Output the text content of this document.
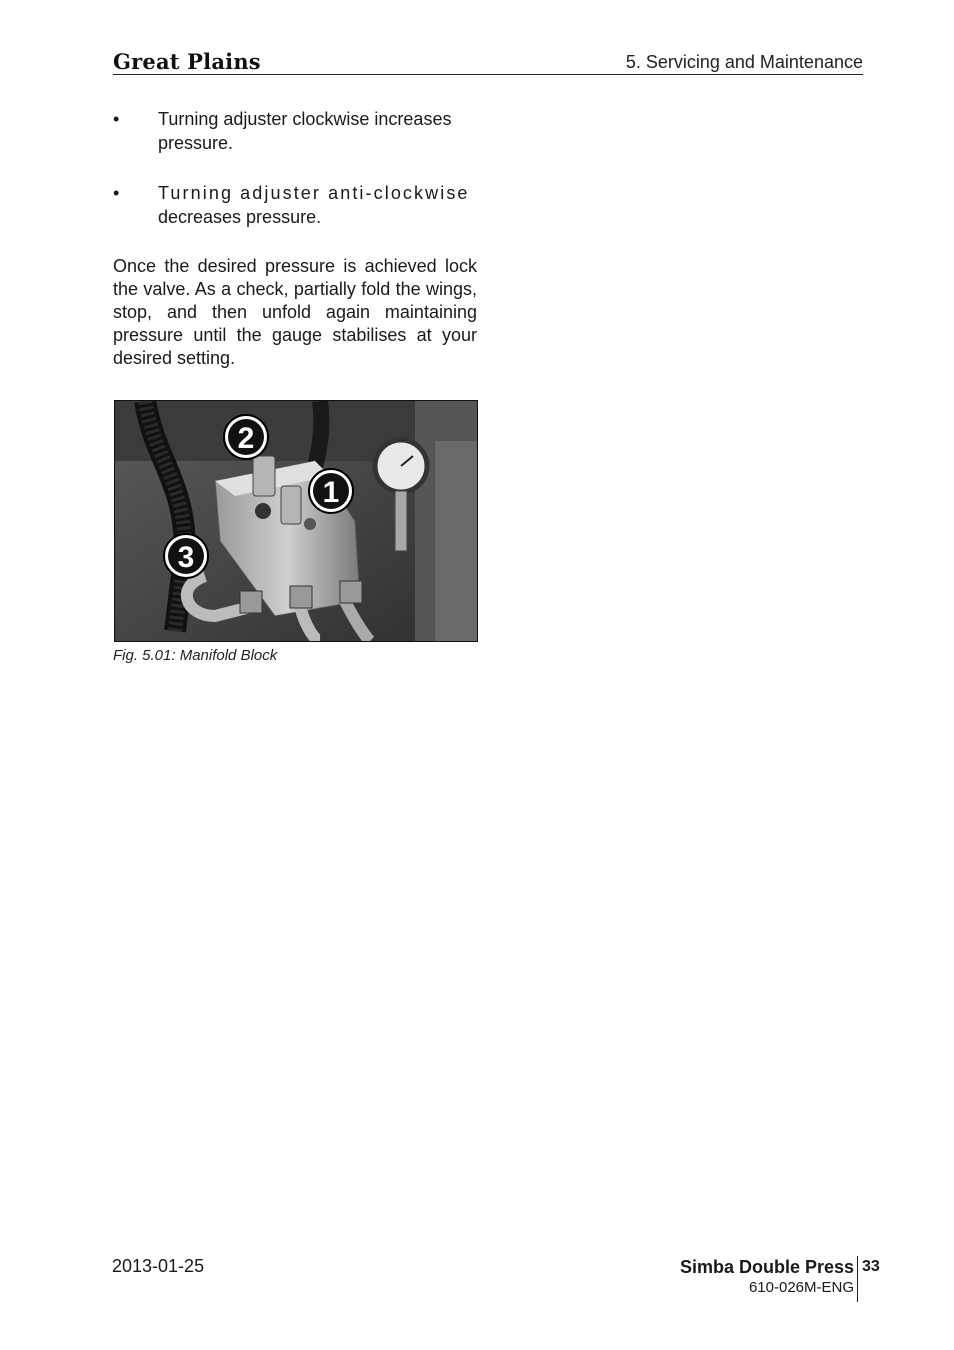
Great Plains	5. Servicing and Maintenance
• Turning adjuster clockwise increases
pressure.
• Turning adjuster anti-clockwise
decreases pressure.
Once the desired pressure is achieved lock the valve. As a check, partially fold the wings, stop, and then unfold again maintaining pressure until the gauge stabilises at your desired setting.
1
2
3
Fig. 5.01: Manifold Block
2013-01-25	Simba Double Press
610-026M-ENG
33
